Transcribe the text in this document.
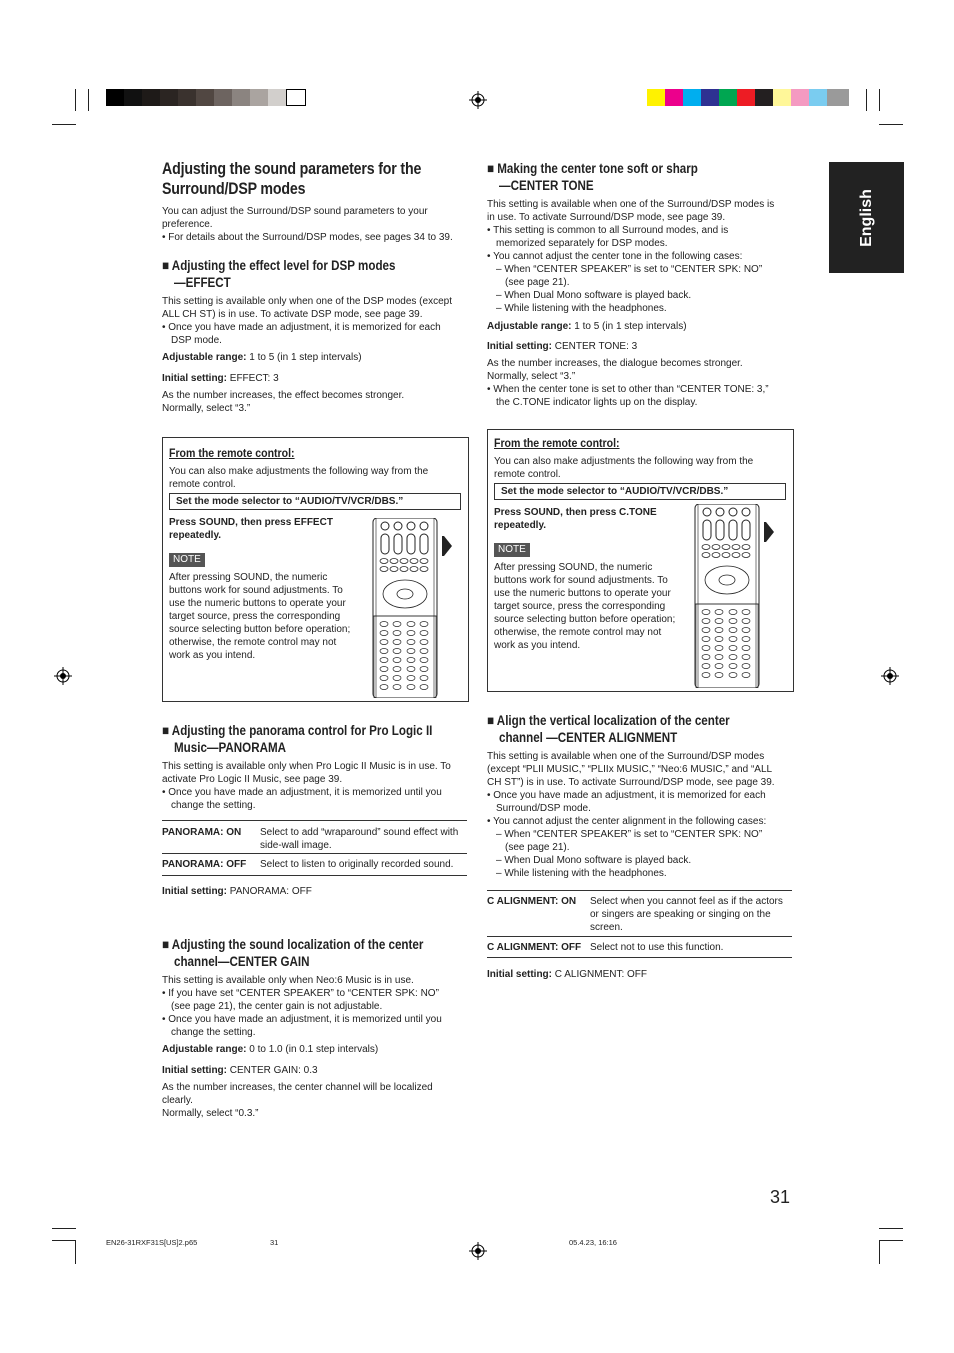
English
Adjusting the sound parameters for the
Surround/DSP modes
You can adjust the Surround/DSP sound parameters to your
preference.
• For details about the Surround/DSP modes, see pages 34 to 39.
■ Adjusting the effect level for DSP modes
—EFFECT
This setting is available only when one of the DSP modes (except
ALL CH ST) is in use. To activate DSP mode, see page 39.
• Once you have made an adjustment, it is memorized for each
DSP mode.
Adjustable range: 1 to 5 (in 1 step intervals)
Initial setting: EFFECT: 3
As the number increases, the effect becomes stronger.
Normally, select “3.”
From the remote control:
You can also make adjustments the following way from the
remote control.
Set the mode selector to “AUDIO/TV/VCR/DBS.”
Press SOUND, then press EFFECT
repeatedly.
NOTE
After pressing SOUND, the numeric
buttons work for sound adjustments. To
use the numeric buttons to operate your
target source, press the corresponding
source selecting button before operation;
otherwise, the remote control may not
work as you intend.
■ Adjusting the panorama control for Pro Logic II
Music—PANORAMA
This setting is available only when Pro Logic II Music is in use. To
activate Pro Logic II Music, see page 39.
• Once you have made an adjustment, it is memorized until you
change the setting.
PANORAMA: ON Select to add “wraparound” sound effect with
side-wall image.
PANORAMA: OFF Select to listen to originally recorded sound.
Initial setting: PANORAMA: OFF
■ Adjusting the sound localization of the center
channel—CENTER GAIN
This setting is available only when Neo:6 Music is in use.
• If you have set “CENTER SPEAKER” to “CENTER SPK: NO”
(see page 21), the center gain is not adjustable.
• Once you have made an adjustment, it is memorized until you
change the setting.
Adjustable range: 0 to 1.0 (in 0.1 step intervals)
Initial setting: CENTER GAIN: 0.3
As the number increases, the center channel will be localized
clearly.
Normally, select “0.3.”
■ Making the center tone soft or sharp
—CENTER TONE
This setting is available when one of the Surround/DSP modes is
in use. To activate Surround/DSP mode, see page 39.
• This setting is common to all Surround modes, and is
memorized separately for DSP modes.
• You cannot adjust the center tone in the following cases:
– When “CENTER SPEAKER” is set to “CENTER SPK: NO”
(see page 21).
– When Dual Mono software is played back.
– While listening with the headphones.
Adjustable range: 1 to 5 (in 1 step intervals)
Initial setting: CENTER TONE: 3
As the number increases, the dialogue becomes stronger.
Normally, select “3.”
• When the center tone is set to other than “CENTER TONE: 3,”
the C.TONE indicator lights up on the display.
From the remote control:
You can also make adjustments the following way from the
remote control.
Set the mode selector to “AUDIO/TV/VCR/DBS.”
Press SOUND, then press C.TONE
repeatedly.
NOTE
After pressing SOUND, the numeric
buttons work for sound adjustments. To
use the numeric buttons to operate your
target source, press the corresponding
source selecting button before operation;
otherwise, the remote control may not
work as you intend.
■ Align the vertical localization of the center
channel —CENTER ALIGNMENT
This setting is available when one of the Surround/DSP modes
(except “PLII MUSIC,” “PLIIx MUSIC,” “Neo:6 MUSIC,” and “ALL
CH ST”) is in use. To activate Surround/DSP mode, see page 39.
• Once you have made an adjustment, it is memorized for each
Surround/DSP mode.
• You cannot adjust the center alignment in the following cases:
– When “CENTER SPEAKER” is set to “CENTER SPK: NO”
(see page 21).
– When Dual Mono software is played back.
– While listening with the headphones.
C ALIGNMENT: ON Select when you cannot feel as if the actors
or singers are speaking or singing on the
screen.
C ALIGNMENT: OFF Select not to use this function.
Initial setting: C ALIGNMENT: OFF
31
EN26-31RXF31S[US]2.p65	31	05.4.23, 16:16
